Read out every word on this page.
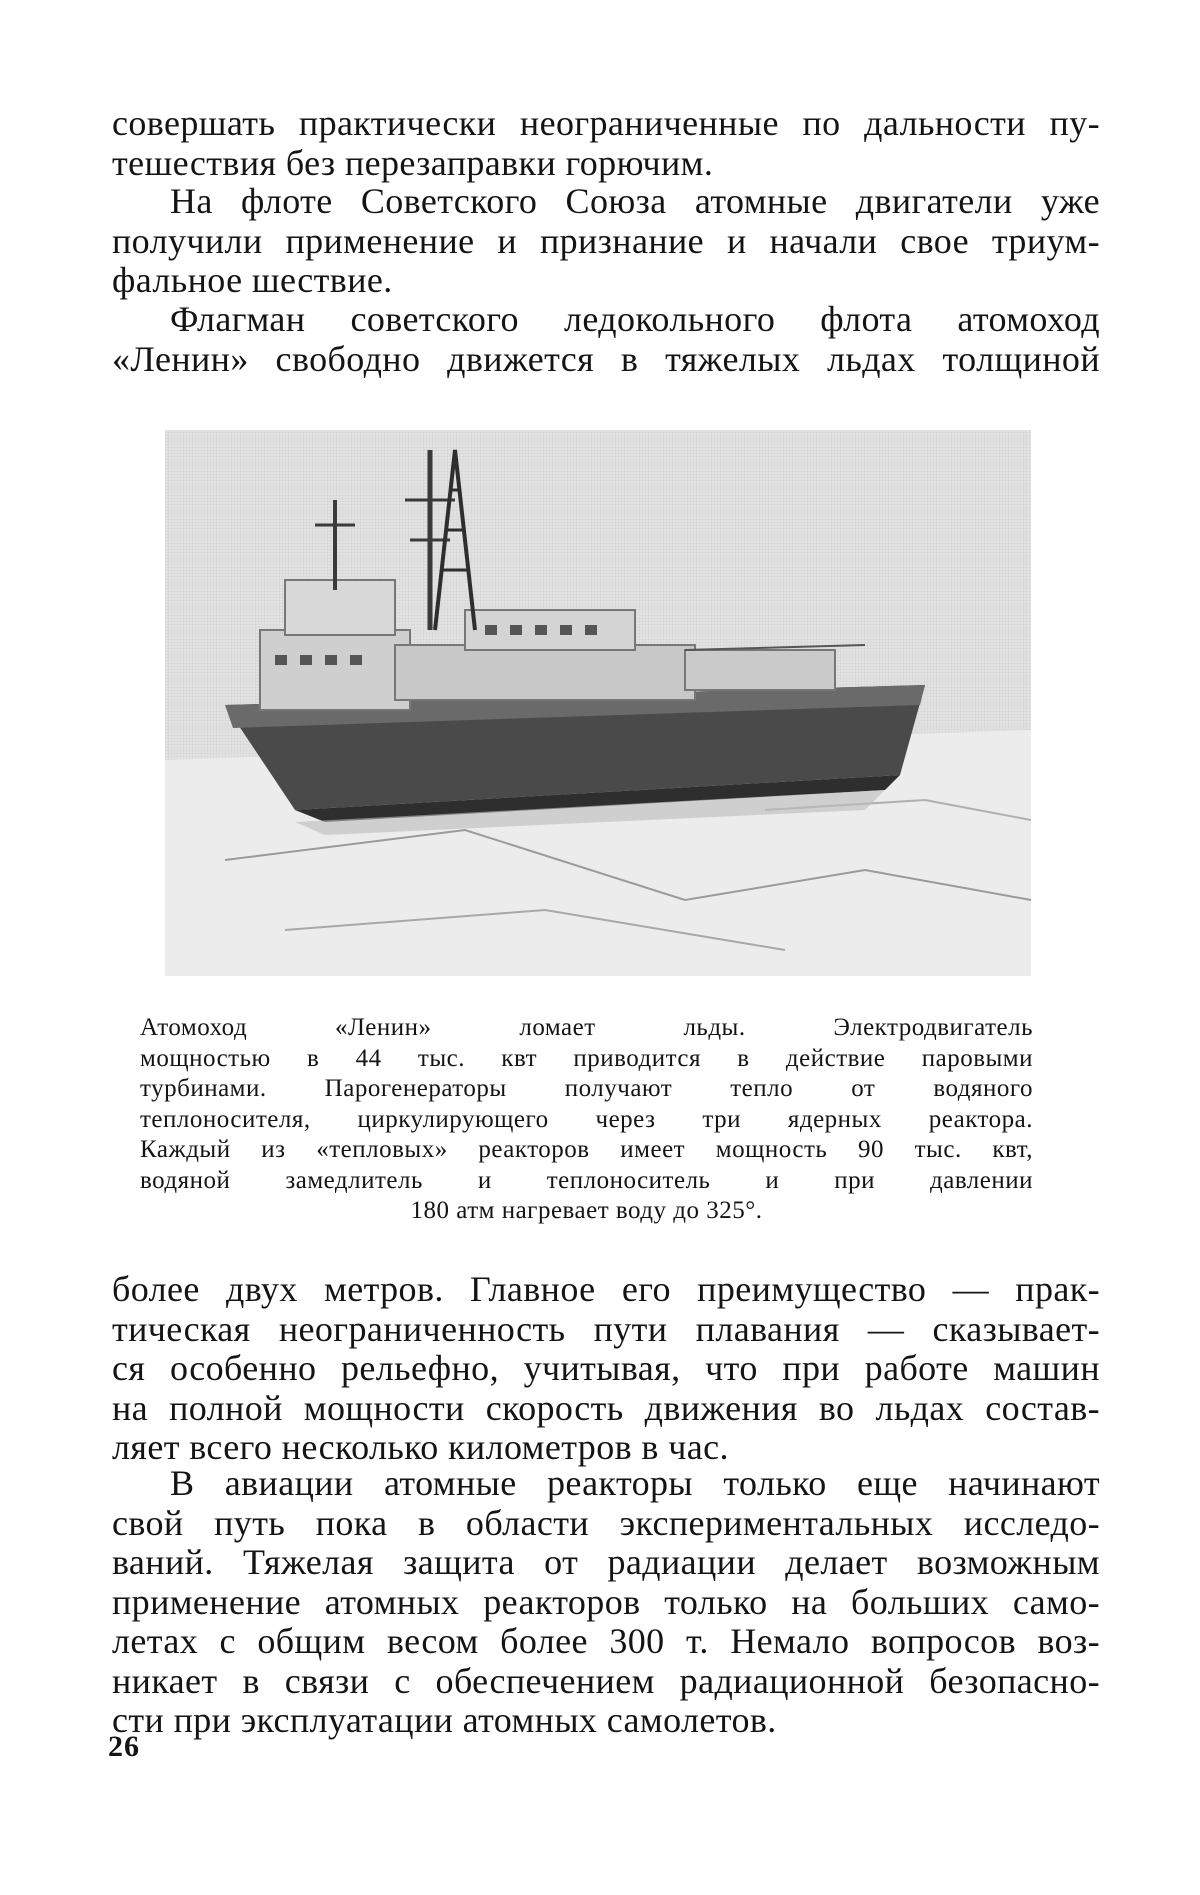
совершать практически неограниченные по дальности пу-
тешествия без перезаправки горючим.
На флоте Советского Союза атомные двигатели уже
получили применение и признание и начали свое триум-
фальное шествие.
Флагман советского ледокольного флота атомоход
«Ленин» свободно движется в тяжелых льдах толщиной
Атомоход «Ленин» ломает льды. Электродвигатель
мощностью в 44 тыс. квт приводится в действие паровыми
турбинами. Парогенераторы получают тепло от водяного
теплоносителя, циркулирующего через три ядерных реактора.
Каждый из «тепловых» реакторов имеет мощность 90 тыс. квт,
водяной замедлитель и теплоноситель и при давлении
180 атм нагревает воду до 325°.
более двух метров. Главное его преимущество — прак-
тическая неограниченность пути плавания — сказывает-
ся особенно рельефно, учитывая, что при работе машин
на полной мощности скорость движения во льдах состав-
ляет всего несколько километров в час.
В авиации атомные реакторы только еще начинают
свой путь пока в области экспериментальных исследо-
ваний. Тяжелая защита от радиации делает возможным
применение атомных реакторов только на больших само-
летах с общим весом более 300 т. Немало вопросов воз-
никает в связи с обеспечением радиационной безопасно-
сти при эксплуатации атомных самолетов.
26
